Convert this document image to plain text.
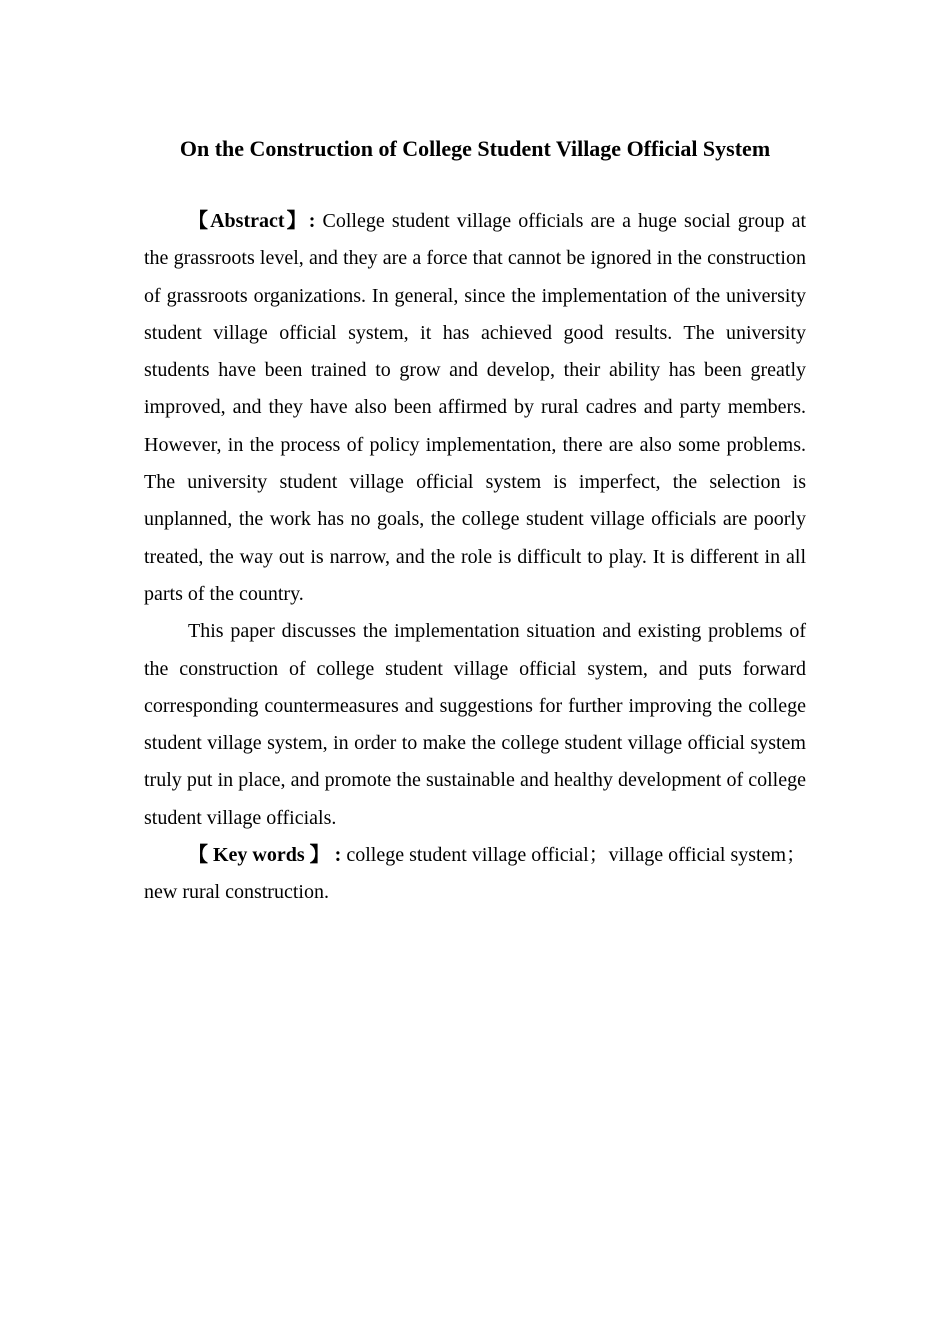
On the Construction of College Student Village Official System

【Abstract】: College student village officials are a huge social group at the grassroots level, and they are a force that cannot be ignored in the construction of grassroots organizations. In general, since the implementation of the university student village official system, it has achieved good results. The university students have been trained to grow and develop, their ability has been greatly improved, and they have also been affirmed by rural cadres and party members. However, in the process of policy implementation, there are also some problems. The university student village official system is imperfect, the selection is unplanned, the work has no goals, the college student village officials are poorly treated, the way out is narrow, and the role is difficult to play. It is different in all parts of the country.

This paper discusses the implementation situation and existing problems of the construction of college student village official system, and puts forward corresponding countermeasures and suggestions for further improving the college student village system, in order to make the college student village official system truly put in place, and promote the sustainable and healthy development of college student village officials.

【 Key words 】 : college student village official；village official system；new rural construction.
